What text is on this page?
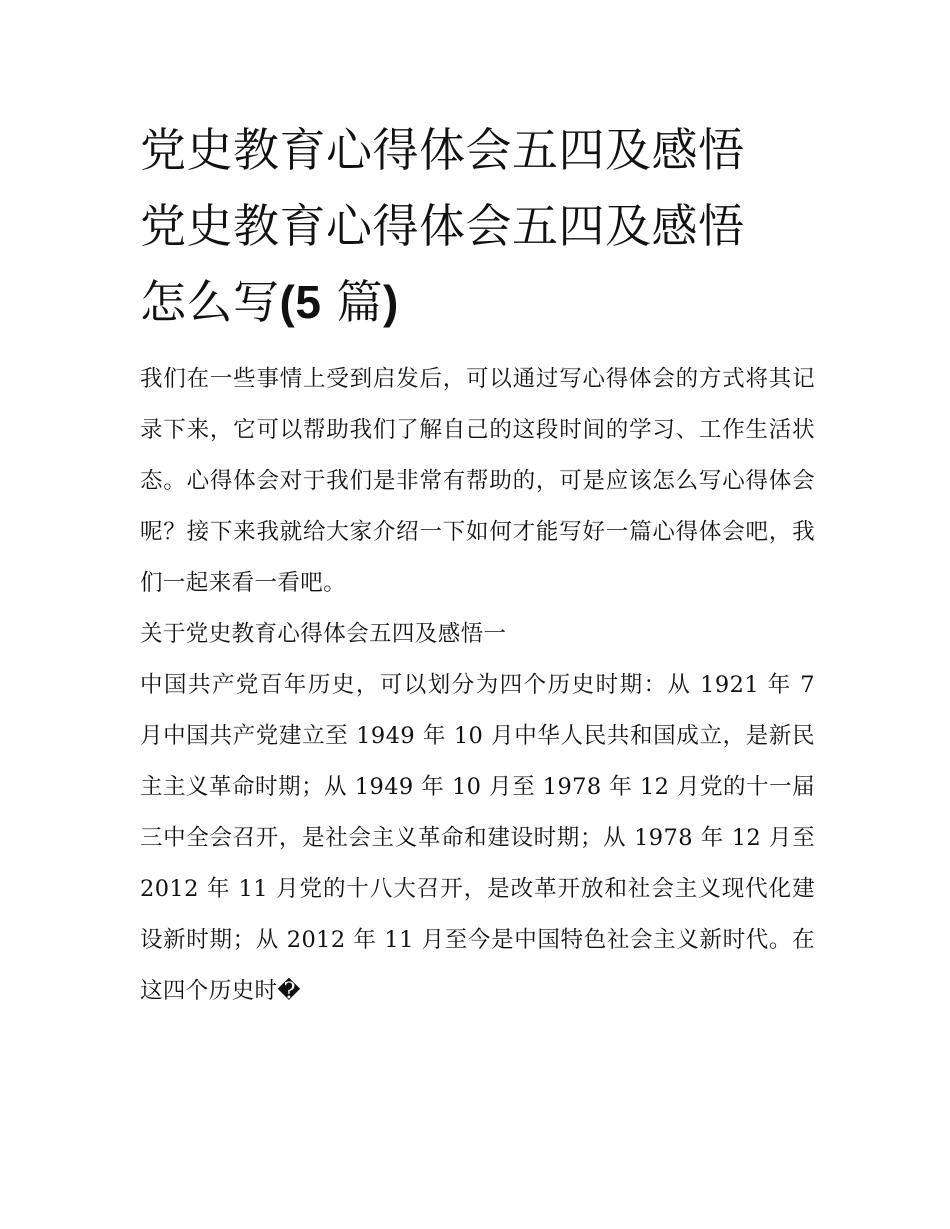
党史教育心得体会五四及感悟
党史教育心得体会五四及感悟
怎么写(5 篇)

我们在一些事情上受到启发后，可以通过写心得体会的方式将其记录下来，它可以帮助我们了解自己的这段时间的学习、工作生活状态。心得体会对于我们是非常有帮助的，可是应该怎么写心得体会呢？接下来我就给大家介绍一下如何才能写好一篇心得体会吧，我们一起来看一看吧。

关于党史教育心得体会五四及感悟一

中国共产党百年历史，可以划分为四个历史时期：从 1921 年 7 月中国共产党建立至 1949 年 10 月中华人民共和国成立，是新民主主义革命时期；从 1949 年 10 月至 1978 年 12 月党的十一届三中全会召开，是社会主义革命和建设时期；从 1978 年 12 月至 2012 年 11 月党的十八大召开，是改革开放和社会主义现代化建设新时期；从 2012 年 11 月至今是中国特色社会主义新时代。在这四个历史时�
